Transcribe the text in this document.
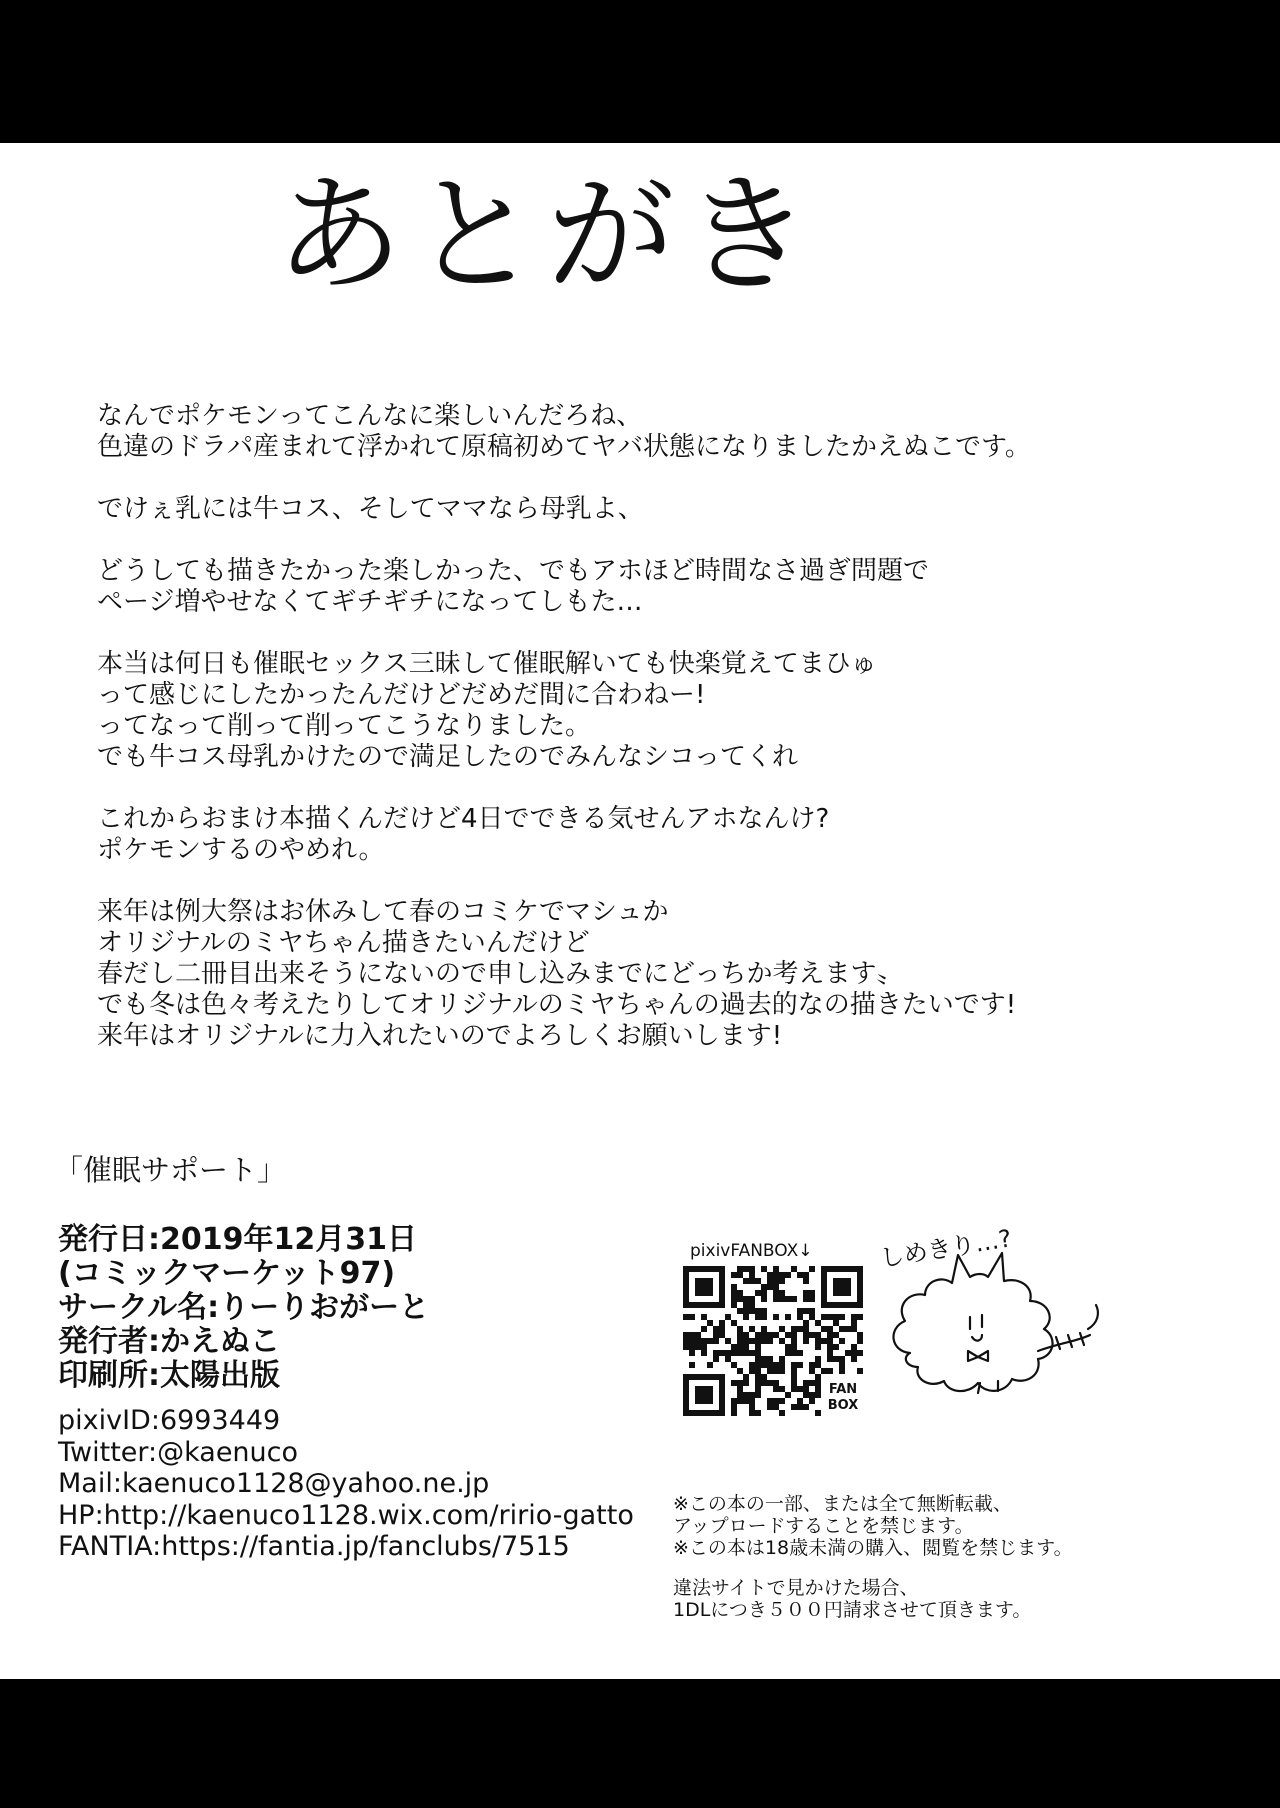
あとがき
なんでポケモンってこんなに楽しいんだろね、
色違のドラパ産まれて浮かれて原稿初めてヤバ状態になりましたかえぬこです。
でけぇ乳には牛コス、そしてママなら母乳よ、
どうしても描きたかった楽しかった、でもアホほど時間なさ過ぎ問題で
ページ増やせなくてギチギチになってしもた…
本当は何日も催眠セックス三昧して催眠解いても快楽覚えてまひゅ
って感じにしたかったんだけどだめだ間に合わねー!
ってなって削って削ってこうなりました。
でも牛コス母乳かけたので満足したのでみんなシコってくれ
これからおまけ本描くんだけど4日でできる気せんアホなんけ?
ポケモンするのやめれ。
来年は例大祭はお休みして春のコミケでマシュか
オリジナルのミヤちゃん描きたいんだけど
春だし二冊目出来そうにないので申し込みまでにどっちか考えます〟
でも冬は色々考えたりしてオリジナルのミヤちゃんの過去的なの描きたいです!
来年はオリジナルに力入れたいのでよろしくお願いします!
「催眠サポート」
発行日:2019年12月31日
(コミックマーケット97)
サークル名:りーりおがーと
発行者:かえぬこ
印刷所:太陽出版
pixivID:6993449
Twitter:@kaenuco
Mail:kaenuco1128@yahoo.ne.jp
HP:http://kaenuco1128.wix.com/ririo-gatto
FANTIA:https://fantia.jp/fanclubs/7515
pixivFANBOX↓
FAN
BOX
※この本の一部、または全て無断転載、
アップロードすることを禁じます。
※この本は18歳未満の購入、閲覧を禁じます。
違法サイトで見かけた場合、
1DLにつき５００円請求させて頂きます。
しめきり…?
